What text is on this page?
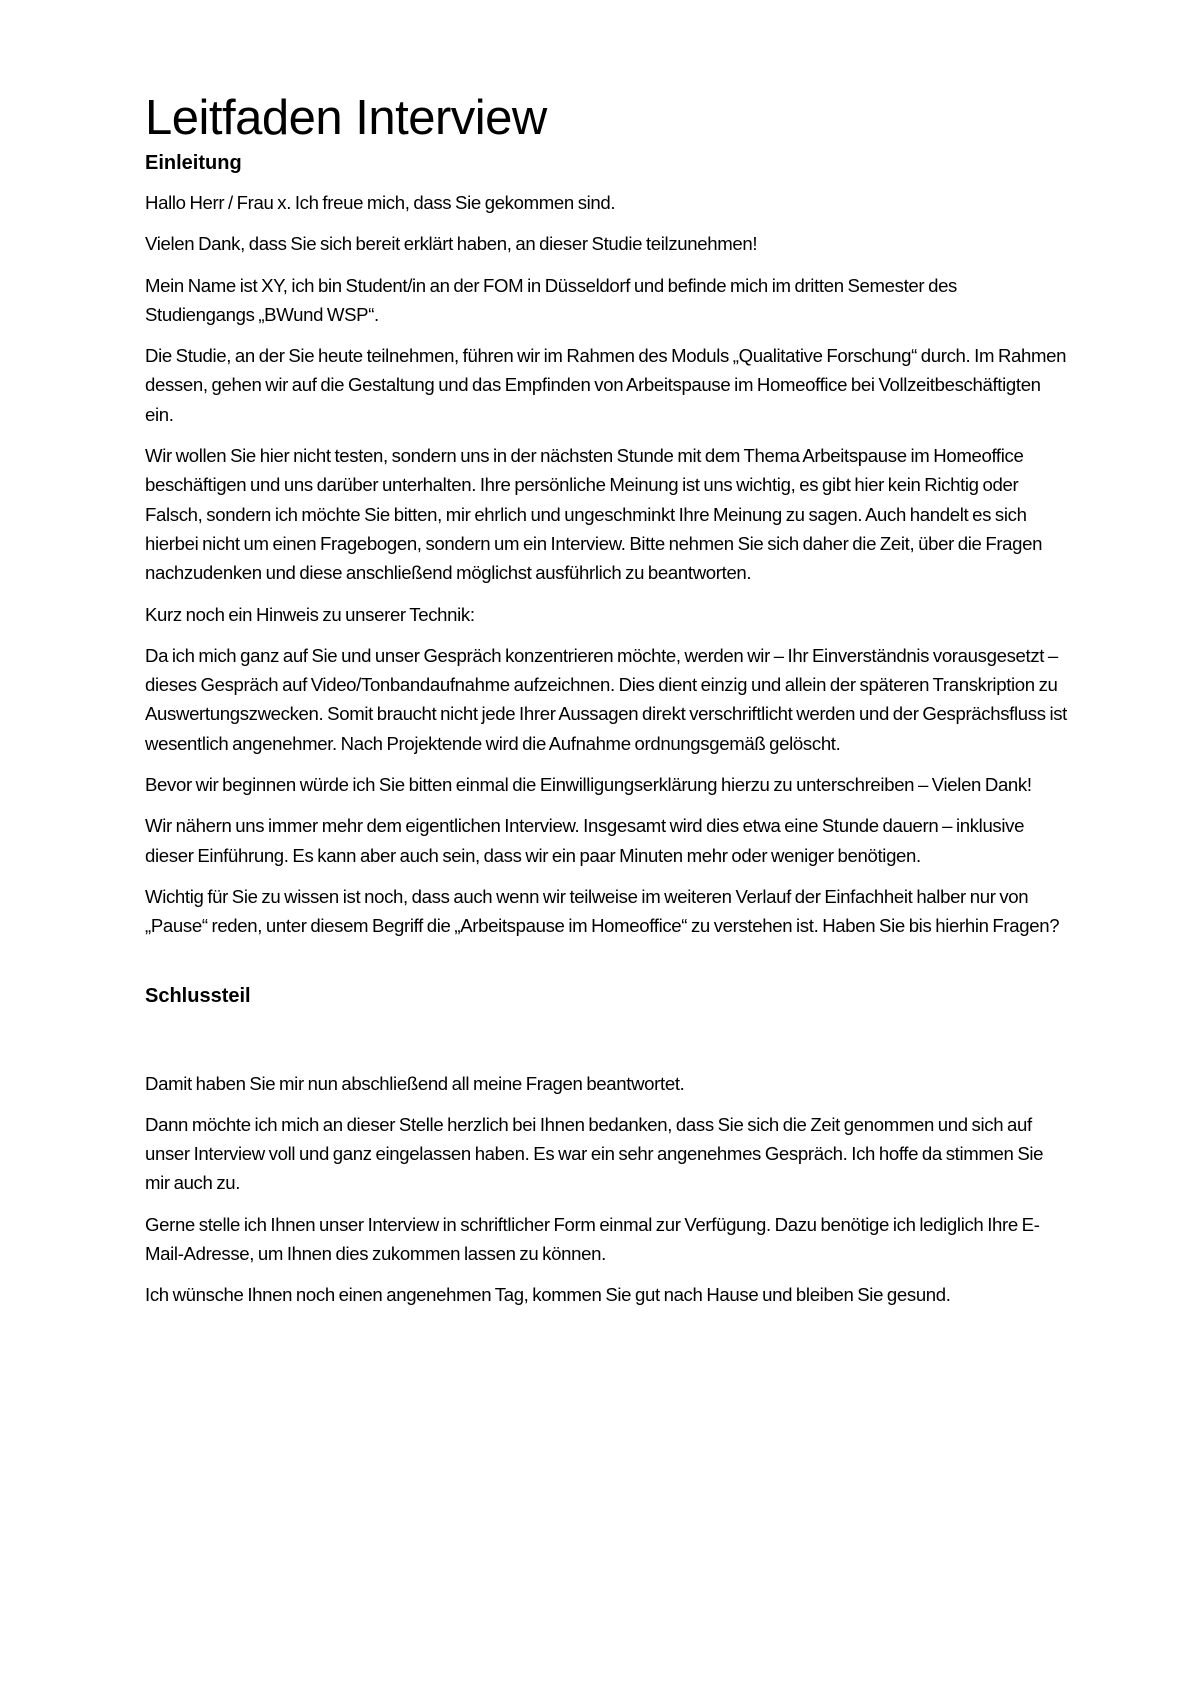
Leitfaden Interview
Einleitung

Hallo Herr / Frau x. Ich freue mich, dass Sie gekommen sind.

Vielen Dank, dass Sie sich bereit erklärt haben, an dieser Studie teilzunehmen!

Mein Name ist XY, ich bin Student/in an der FOM in Düsseldorf und befinde mich im dritten Semester des Studiengangs „BWund WSP“.

Die Studie, an der Sie heute teilnehmen, führen wir im Rahmen des Moduls „Qualitative Forschung“ durch. Im Rahmen dessen, gehen wir auf die Gestaltung und das Empfinden von Arbeitspause im Homeoffice bei Vollzeitbeschäftigten ein.

Wir wollen Sie hier nicht testen, sondern uns in der nächsten Stunde mit dem Thema Arbeitspause im Homeoffice beschäftigen und uns darüber unterhalten. Ihre persönliche Meinung ist uns wichtig, es gibt hier kein Richtig oder Falsch, sondern ich möchte Sie bitten, mir ehrlich und ungeschminkt Ihre Meinung zu sagen. Auch handelt es sich hierbei nicht um einen Fragebogen, sondern um ein Interview. Bitte nehmen Sie sich daher die Zeit, über die Fragen nachzudenken und diese anschließend möglichst ausführlich zu beantworten.

Kurz noch ein Hinweis zu unserer Technik:

Da ich mich ganz auf Sie und unser Gespräch konzentrieren möchte, werden wir – Ihr Einverständnis vorausgesetzt – dieses Gespräch auf Video/Tonbandaufnahme aufzeichnen. Dies dient einzig und allein der späteren Transkription zu Auswertungszwecken. Somit braucht nicht jede Ihrer Aussagen direkt verschriftlicht werden und der Gesprächsfluss ist wesentlich angenehmer. Nach Projektende wird die Aufnahme ordnungsgemäß gelöscht.

Bevor wir beginnen würde ich Sie bitten einmal die Einwilligungserklärung hierzu zu unterschreiben – Vielen Dank!

Wir nähern uns immer mehr dem eigentlichen Interview. Insgesamt wird dies etwa eine Stunde dauern – inklusive dieser Einführung. Es kann aber auch sein, dass wir ein paar Minuten mehr oder weniger benötigen.

Wichtig für Sie zu wissen ist noch, dass auch wenn wir teilweise im weiteren Verlauf der Einfachheit halber nur von „Pause“ reden, unter diesem Begriff die „Arbeitspause im Homeoffice“ zu verstehen ist. Haben Sie bis hierhin Fragen?

Schlussteil

Damit haben Sie mir nun abschließend all meine Fragen beantwortet.

Dann möchte ich mich an dieser Stelle herzlich bei Ihnen bedanken, dass Sie sich die Zeit genommen und sich auf unser Interview voll und ganz eingelassen haben. Es war ein sehr angenehmes Gespräch. Ich hoffe da stimmen Sie mir auch zu.

Gerne stelle ich Ihnen unser Interview in schriftlicher Form einmal zur Verfügung. Dazu benötige ich lediglich Ihre E-Mail-Adresse, um Ihnen dies zukommen lassen zu können.

Ich wünsche Ihnen noch einen angenehmen Tag, kommen Sie gut nach Hause und bleiben Sie gesund.
